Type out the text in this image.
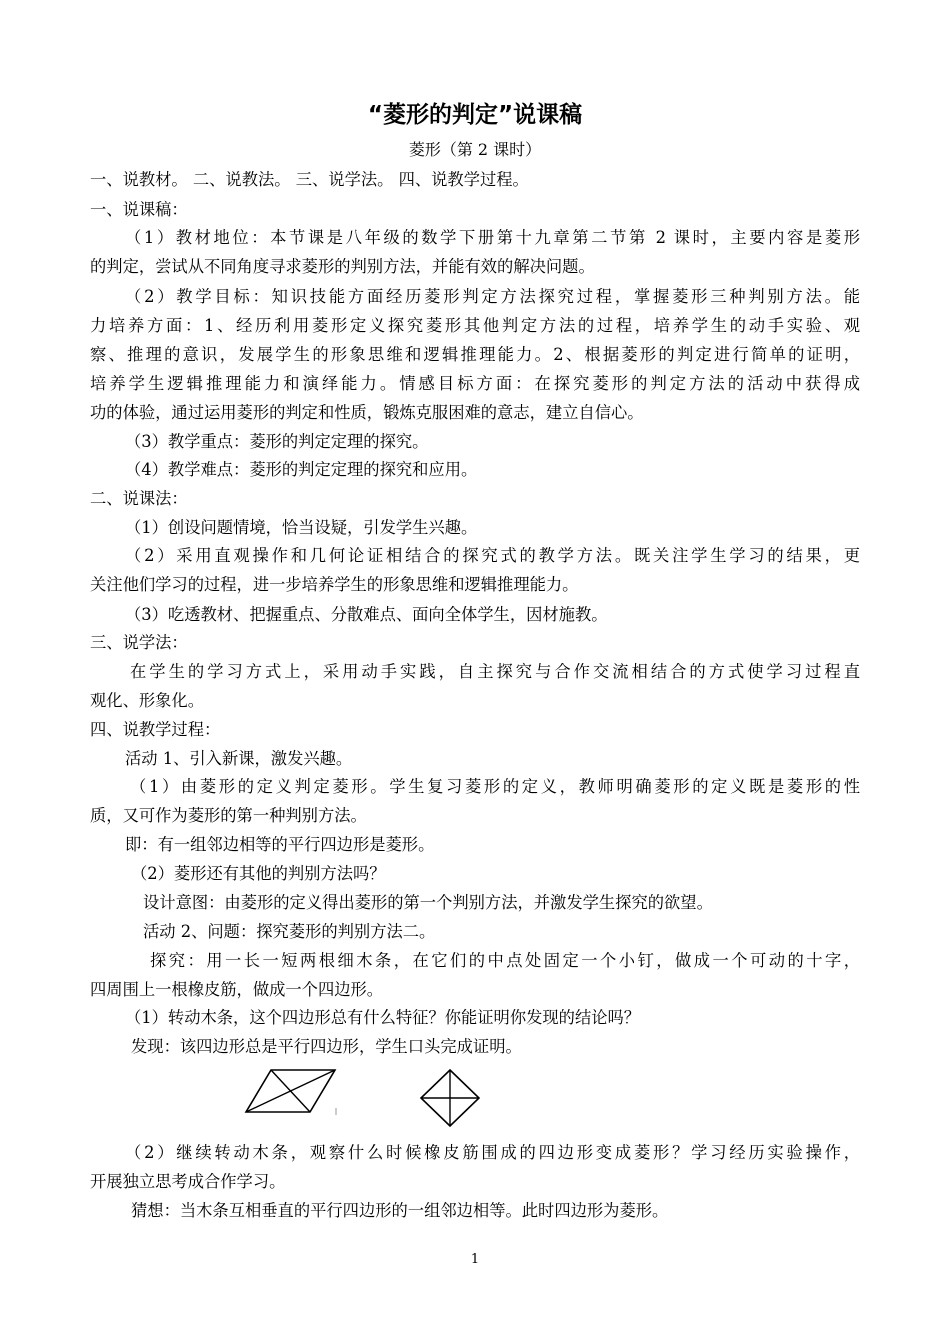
“菱形的判定”说课稿
菱形（第 2 课时）
一、说教材。 二、说教法。 三、说学法。 四、说教学过程。
一、说课稿：
（1）教材地位：本节课是八年级的数学下册第十九章第二节第 2 课时，主要内容是菱形
的判定，尝试从不同角度寻求菱形的判别方法，并能有效的解决问题。
（2）教学目标：知识技能方面经历菱形判定方法探究过程，掌握菱形三种判别方法。能
力培养方面：1、经历利用菱形定义探究菱形其他判定方法的过程，培养学生的动手实验、观
察、推理的意识，发展学生的形象思维和逻辑推理能力。2、根据菱形的判定进行简单的证明，
培养学生逻辑推理能力和演绎能力。情感目标方面：在探究菱形的判定方法的活动中获得成
功的体验，通过运用菱形的判定和性质，锻炼克服困难的意志，建立自信心。
（3）教学重点：菱形的判定定理的探究。
（4）教学难点：菱形的判定定理的探究和应用。
二、说课法：
（1）创设问题情境，恰当设疑，引发学生兴趣。
（2）采用直观操作和几何论证相结合的探究式的教学方法。既关注学生学习的结果，更
关注他们学习的过程，进一步培养学生的形象思维和逻辑推理能力。
（3）吃透教材、把握重点、分散难点、面向全体学生，因材施教。
三、说学法：
在学生的学习方式上，采用动手实践，自主探究与合作交流相结合的方式使学习过程直
观化、形象化。
四、说教学过程：
活动 1、引入新课，激发兴趣。
（1）由菱形的定义判定菱形。学生复习菱形的定义，教师明确菱形的定义既是菱形的性
质，又可作为菱形的第一种判别方法。
即：有一组邻边相等的平行四边形是菱形。
（2）菱形还有其他的判别方法吗？
设计意图：由菱形的定义得出菱形的第一个判别方法，并激发学生探究的欲望。
活动 2、问题：探究菱形的判别方法二。
探究：用一长一短两根细木条，在它们的中点处固定一个小钉，做成一个可动的十字，
四周围上一根橡皮筋，做成一个四边形。
（1）转动木条，这个四边形总有什么特征？你能证明你发现的结论吗？
发现：该四边形总是平行四边形，学生口头完成证明。
（2）继续转动木条，观察什么时候橡皮筋围成的四边形变成菱形？学习经历实验操作，
开展独立思考成合作学习。
猜想：当木条互相垂直的平行四边形的一组邻边相等。此时四边形为菱形。
1
